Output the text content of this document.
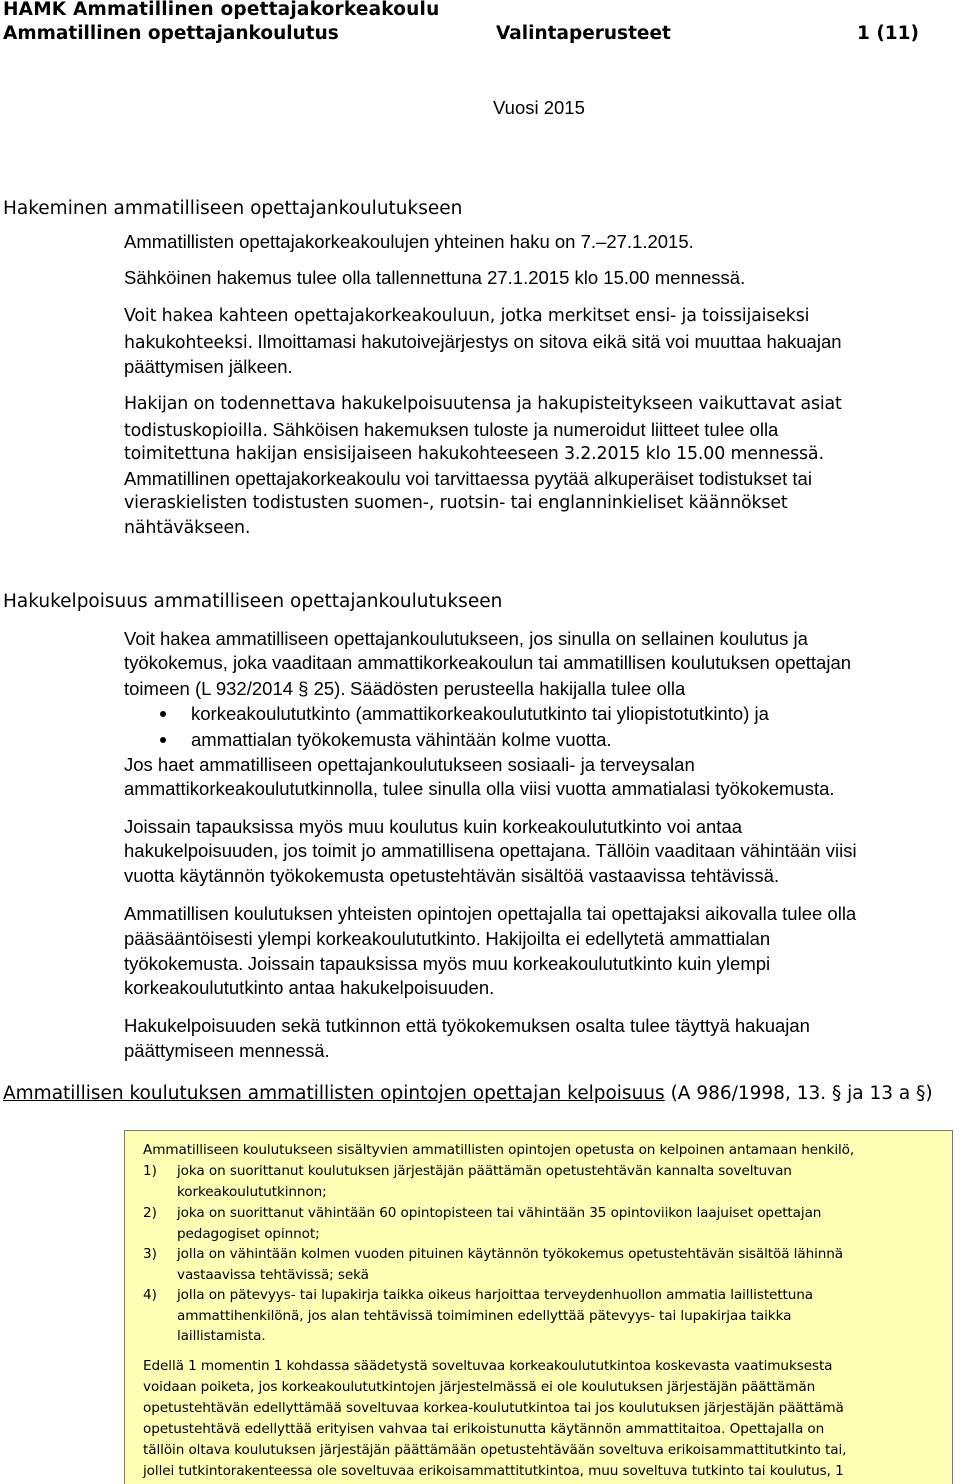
HAMK Ammatillinen opettajakorkeakoulu
Ammatillinen opettajankoulutus	Valintaperusteet	1 (11)
Vuosi 2015
Hakeminen ammatilliseen opettajankoulutukseen
Ammatillisten opettajakorkeakoulujen yhteinen haku on 7.–27.1.2015.
Sähköinen hakemus tulee olla tallennettuna 27.1.2015 klo 15.00 mennessä.
Voit hakea kahteen opettajakorkeakouluun, jotka merkitset ensi- ja toissijaiseksi
hakukohteeksi. Ilmoittamasi hakutoivejärjestys on sitova eikä sitä voi muuttaa hakuajan
päättymisen jälkeen.
Hakijan on todennettava hakukelpoisuutensa ja hakupisteitykseen vaikuttavat asiat
todistuskopioilla. Sähköisen hakemuksen tuloste ja numeroidut liitteet tulee olla
toimitettuna hakijan ensisijaiseen hakukohteeseen 3.2.2015 klo 15.00 mennessä.
Ammatillinen opettajakorkeakoulu voi tarvittaessa pyytää alkuperäiset todistukset tai
vieraskielisten todistusten suomen-, ruotsin- tai englanninkieliset käännökset
nähtäväkseen.
Hakukelpoisuus ammatilliseen opettajankoulutukseen
Voit hakea ammatilliseen opettajankoulutukseen, jos sinulla on sellainen koulutus ja
työkokemus, joka vaaditaan ammattikorkeakoulun tai ammatillisen koulutuksen opettajan
toimeen (L 932/2014 § 25). Säädösten perusteella hakijalla tulee olla
korkeakoulututkinto (ammattikorkeakoulututkinto tai yliopistotutkinto) ja
ammattialan työkokemusta vähintään kolme vuotta.
Jos haet ammatilliseen opettajankoulutukseen sosiaali- ja terveysalan
ammattikorkeakoulututkinnolla, tulee sinulla olla viisi vuotta ammatialasi työkokemusta.
Joissain tapauksissa myös muu koulutus kuin korkeakoulututkinto voi antaa
hakukelpoisuuden, jos toimit jo ammatillisena opettajana. Tällöin vaaditaan vähintään viisi
vuotta käytännön työkokemusta opetustehtävän sisältöä vastaavissa tehtävissä.
Ammatillisen koulutuksen yhteisten opintojen opettajalla tai opettajaksi aikovalla tulee olla
pääsääntöisesti ylempi korkeakoulututkinto. Hakijoilta ei edellytetä ammattialan
työkokemusta. Joissain tapauksissa myös muu korkeakoulututkinto kuin ylempi
korkeakoulututkinto antaa hakukelpoisuuden.
Hakukelpoisuuden sekä tutkinnon että työkokemuksen osalta tulee täyttyä hakuajan
päättymiseen mennessä.
Ammatillisen koulutuksen ammatillisten opintojen opettajan kelpoisuus (A 986/1998, 13. § ja 13 a §)
Ammatilliseen koulutukseen sisältyvien ammatillisten opintojen opetusta on kelpoinen antamaan henkilö,
1) joka on suorittanut koulutuksen järjestäjän päättämän opetustehtävän kannalta soveltuvan
korkeakoulututkinnon;
2) joka on suorittanut vähintään 60 opintopisteen tai vähintään 35 opintoviikon laajuiset opettajan
pedagogiset opinnot;
3) jolla on vähintään kolmen vuoden pituinen käytännön työkokemus opetustehtävän sisältöä lähinnä
vastaavissa tehtävissä; sekä
4) jolla on pätevyys- tai lupakirja taikka oikeus harjoittaa terveydenhuollon ammatia laillistettuna
ammattihenkilönä, jos alan tehtävissä toimiminen edellyttää pätevyys- tai lupakirjaa taikka
laillistamista.
Edellä 1 momentin 1 kohdassa säädetystä soveltuvaa korkeakoulututkintoa koskevasta vaatimuksesta
voidaan poiketa, jos korkeakoulututkintojen järjestelmässä ei ole koulutuksen järjestäjän päättämän
opetustehtävän edellyttämää soveltuvaa korkea-koulututkintoa tai jos koulutuksen järjestäjän päättämä
opetustehtävä edellyttää erityisen vahvaa tai erikoistunutta käytännön ammattitaitoa. Opettajalla on
tällöin oltava koulutuksen järjestäjän päättämään opetustehtävään soveltuva erikoisammattitutkinto tai,
jollei tutkintorakenteessa ole soveltuvaa erikoisammattitutkintoa, muu soveltuva tutkinto tai koulutus, 1
